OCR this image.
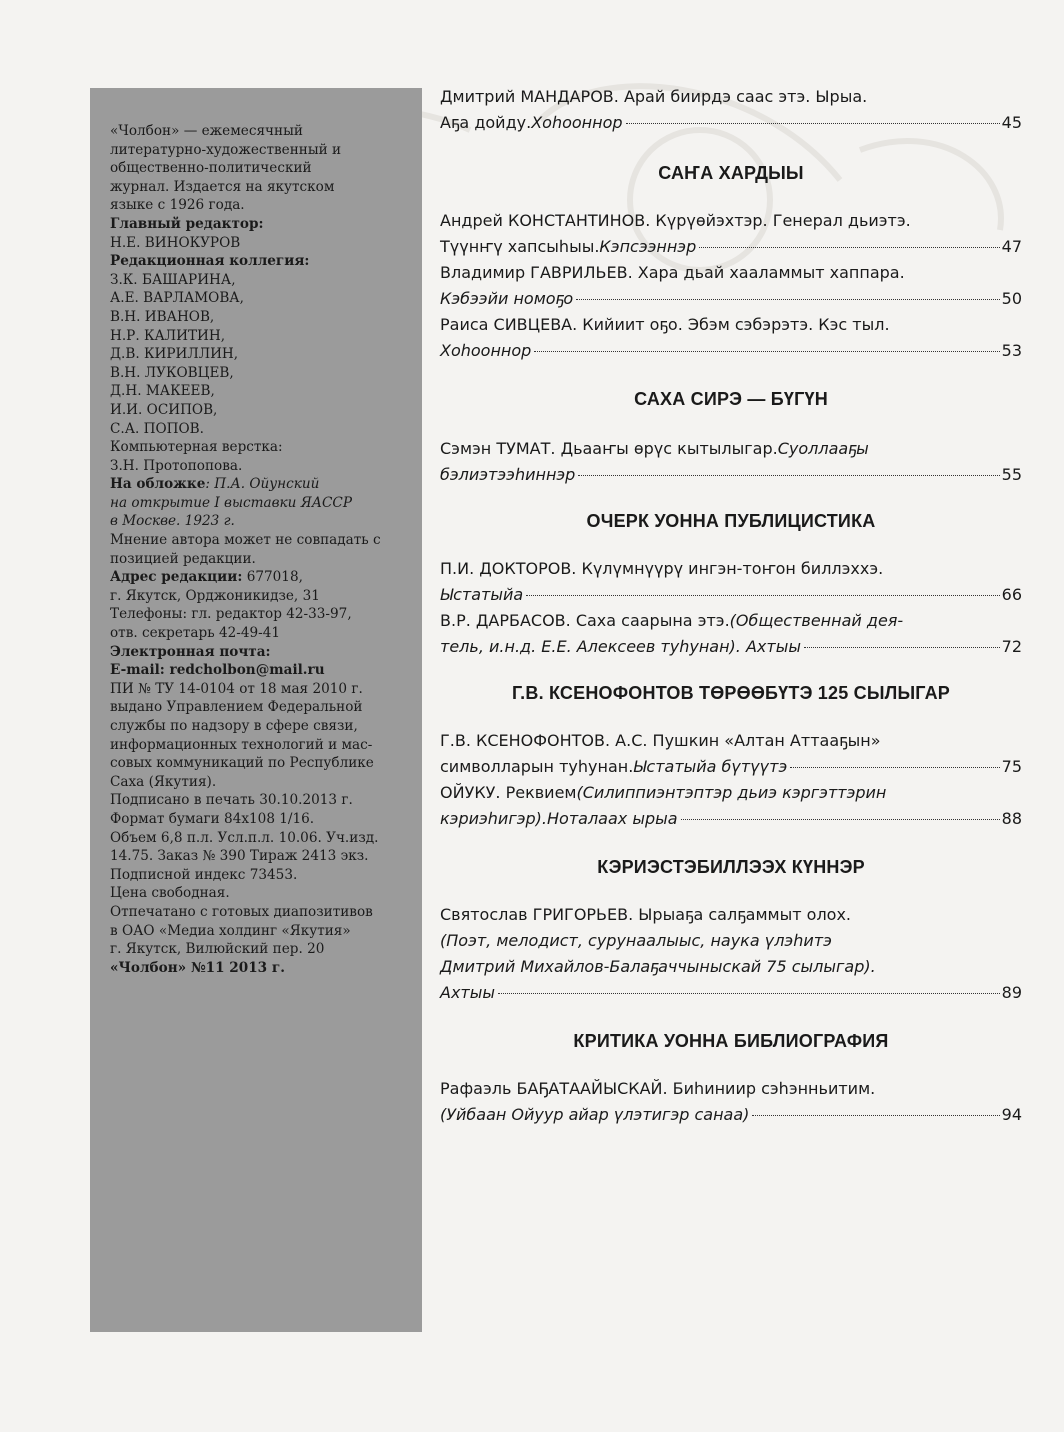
«Чолбон» — ежемесячный
литературно-художественный и
общественно-политический
журнал. Издается на якутском
языке с 1926 года.
Главный редактор:
Н.Е. ВИНОКУРОВ
Редакционная коллегия:
З.К. БАШАРИНА,
А.Е. ВАРЛАМОВА,
В.Н. ИВАНОВ,
Н.Р. КАЛИТИН,
Д.В. КИРИЛЛИН,
В.Н. ЛУКОВЦЕВ,
Д.Н. МАКЕЕВ,
И.И. ОСИПОВ,
С.А. ПОПОВ.
Компьютерная верстка:
З.Н. Протопопова.
На обложке: П.А. Ойунский
на открытие I выставки ЯАССР
в Москве. 1923 г.
Мнение автора может не совпадать с
позицией редакции.
Адрес редакции: 677018,
г. Якутск, Орджоникидзе, 31
Телефоны: гл. редактор 42-33-97,
отв. секретарь 42-49-41
Электронная почта:
E-mail: redcholbon@mail.ru
ПИ № ТУ 14-0104 от 18 мая 2010 г.
выдано Управлением Федеральной
службы по надзору в сфере связи,
информационных технологий и мас-
совых коммуникаций по Республике
Саха (Якутия).
Подписано в печать 30.10.2013 г.
Формат бумаги 84х108 1/16.
Объем 6,8 п.л. Усл.п.л. 10.06. Уч.изд.
14.75. Заказ № 390 Тираж 2413 экз.
Подписной индекс 73453.
Цена свободная.
Отпечатано с готовых диапозитивов
в ОАО «Медиа холдинг «Якутия»
г. Якутск, Вилюйский пер. 20
«Чолбон» №11 2013 г.
Дмитрий МАНДАРОВ. Арай биирдэ саас этэ. Ырыа.
Аҕа дойду. Хоһооннор	45
САҤА ХАРДЫЫ
Андрей КОНСТАНТИНОВ. Күрүөйэхтэр. Генерал дьиэтэ.
Түүнҥү хапсыһыы. Кэпсээннэр	47
Владимир ГАВРИЛЬЕВ. Хара дьай хааламмыт хаппара.
Кэбээйи номоҕо	50
Раиса СИВЦЕВА. Кийиит оҕо. Эбэм сэбэрэтэ. Кэс тыл.
Хоһооннор	53
САХА СИРЭ — БҮГҮН
Сэмэн ТУМАТ. Дьааҥы өрүс кытылыгар. Суоллааҕы
бэлиэтээһиннэр	55
ОЧЕРК УОННА ПУБЛИЦИСТИКА
П.И. ДОКТОРОВ. Күлүмнүүрү ингэн-тоҥон биллэххэ.
Ыстатыйа	66
В.Р. ДАРБАСОВ. Саха саарына этэ. (Общественнай дея-
тель, и.н.д. Е.Е. Алексеев туһунан). Ахтыы	72
Г.В. КСЕНОФОНТОВ ТӨРӨӨБҮТЭ 125 СЫЛЫГАР
Г.В. КСЕНОФОНТОВ. А.С. Пушкин «Алтан Аттааҕын»
символларын туһунан. Ыстатыйа бүтүүтэ	75
ОЙУКУ. Реквием (Силиппиэнтэптэр дьиэ кэргэттэрин
кэриэһигэр).Ноталаах ырыа	88
КЭРИЭСТЭБИЛЛЭЭХ КҮННЭР
Святослав ГРИГОРЬЕВ. Ырыаҕа салҕаммыт олох.
(Поэт, мелодист, сурунаалыыс, наука үлэһитэ
Дмитрий Михайлов-Балаҕаччыныскай 75 сылыгар).
Ахтыы	89
КРИТИКА УОННА БИБЛИОГРАФИЯ
Рафаэль БАҔАТААЙЫСКАЙ. Биһиниир сэһэнньитим.
(Уйбаан Ойуур айар үлэтигэр санаа)	94
